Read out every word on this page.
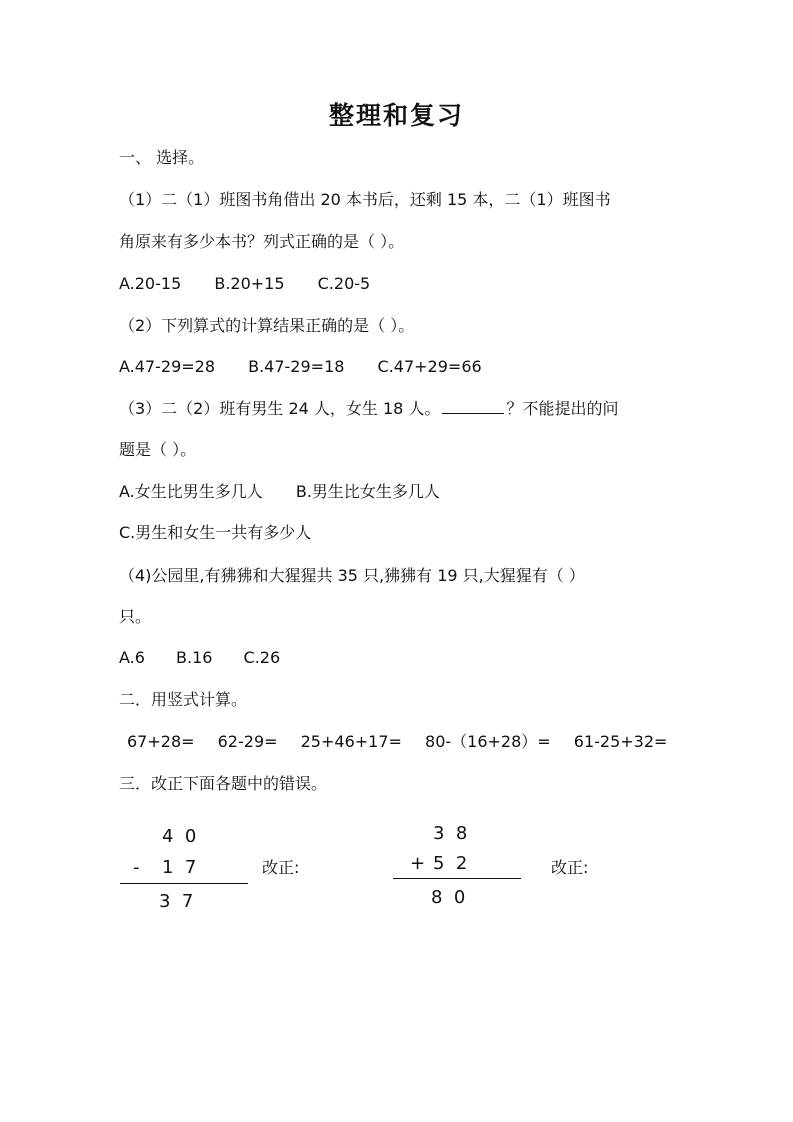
整理和复习
一、 选择。
（1）二（1）班图书角借出 20 本书后，还剩 15 本，二（1）班图书
角原来有多少本书？列式正确的是（ ）。
A.20-15 B.20+15 C.20-5
（2）下列算式的计算结果正确的是（ ）。
A.47-29=28 B.47-29=18 C.47+29=66
（3）二（2）班有男生 24 人，女生 18 人。	？不能提出的问
题是（ ）。
A.女生比男生多几人 B.男生比女生多几人
C.男生和女生一共有多少人
（4)公园里,有狒狒和大猩猩共 35 只,狒狒有 19 只,大猩猩有（ ）
只。
A.6 B.16 C.26
二．用竖式计算。
67+28= 62-29= 25+46+17= 80-（16+28）= 61-25+32=
三．改正下面各题中的错误。
4  0
- 1  7
3  7
改正:
3  8
+ 5  2
8  0
改正:
